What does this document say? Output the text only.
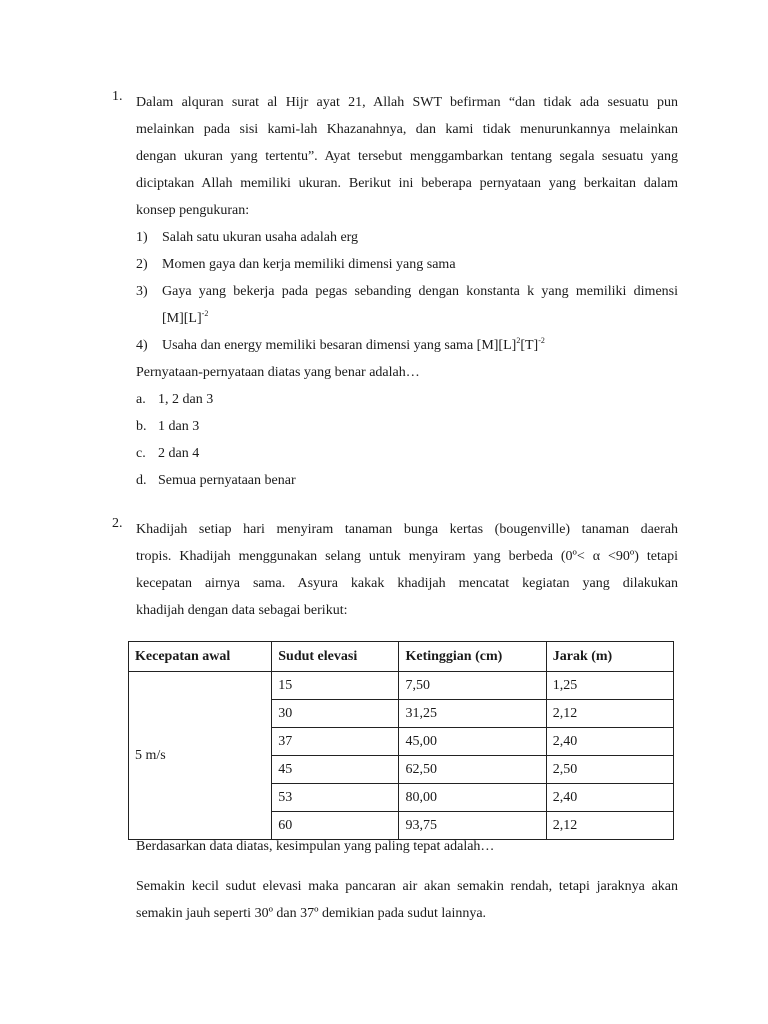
1. Dalam alquran surat al Hijr ayat 21, Allah SWT befirman “dan tidak ada sesuatu pun
melainkan pada sisi kami-lah Khazanahnya, dan kami tidak menurunkannya melainkan
dengan ukuran yang tertentu”. Ayat tersebut menggambarkan tentang segala sesuatu yang
diciptakan Allah memiliki ukuran. Berikut ini beberapa pernyataan yang berkaitan dalam
konsep pengukuran:
1) Salah satu ukuran usaha adalah erg
2) Momen gaya dan kerja memiliki dimensi yang sama
3) Gaya yang bekerja pada pegas sebanding dengan konstanta k yang memiliki dimensi
$[M][L]^{-2}$
4) Usaha dan energy memiliki besaran dimensi yang sama $[M][L]^2[T]^{-2}$
Pernyataan-pernyataan diatas yang benar adalah…
a. 1, 2 dan 3
b. 1 dan 3
c. 2 dan 4
d. Semua pernyataan benar
2. Khadijah setiap hari menyiram tanaman bunga kertas (bougenville) tanaman daerah
tropis. Khadijah menggunakan selang untuk menyiram yang berbeda (0º< α <90º) tetapi
kecepatan airnya sama. Asyura kakak khadijah mencatat kegiatan yang dilakukan
khadijah dengan data sebagai berikut:
Kecepatan awal	Sudut elevasi	Ketinggian (cm)	Jarak (m)
5 m/s	15	7,50	1,25
	30	31,25	2,12
	37	45,00	2,40
	45	62,50	2,50
	53	80,00	2,40
	60	93,75	2,12
Berdasarkan data diatas, kesimpulan yang paling tepat adalah…
Semakin kecil sudut elevasi maka pancaran air akan semakin rendah, tetapi jaraknya akan
semakin jauh seperti 30º dan 37º demikian pada sudut lainnya.
